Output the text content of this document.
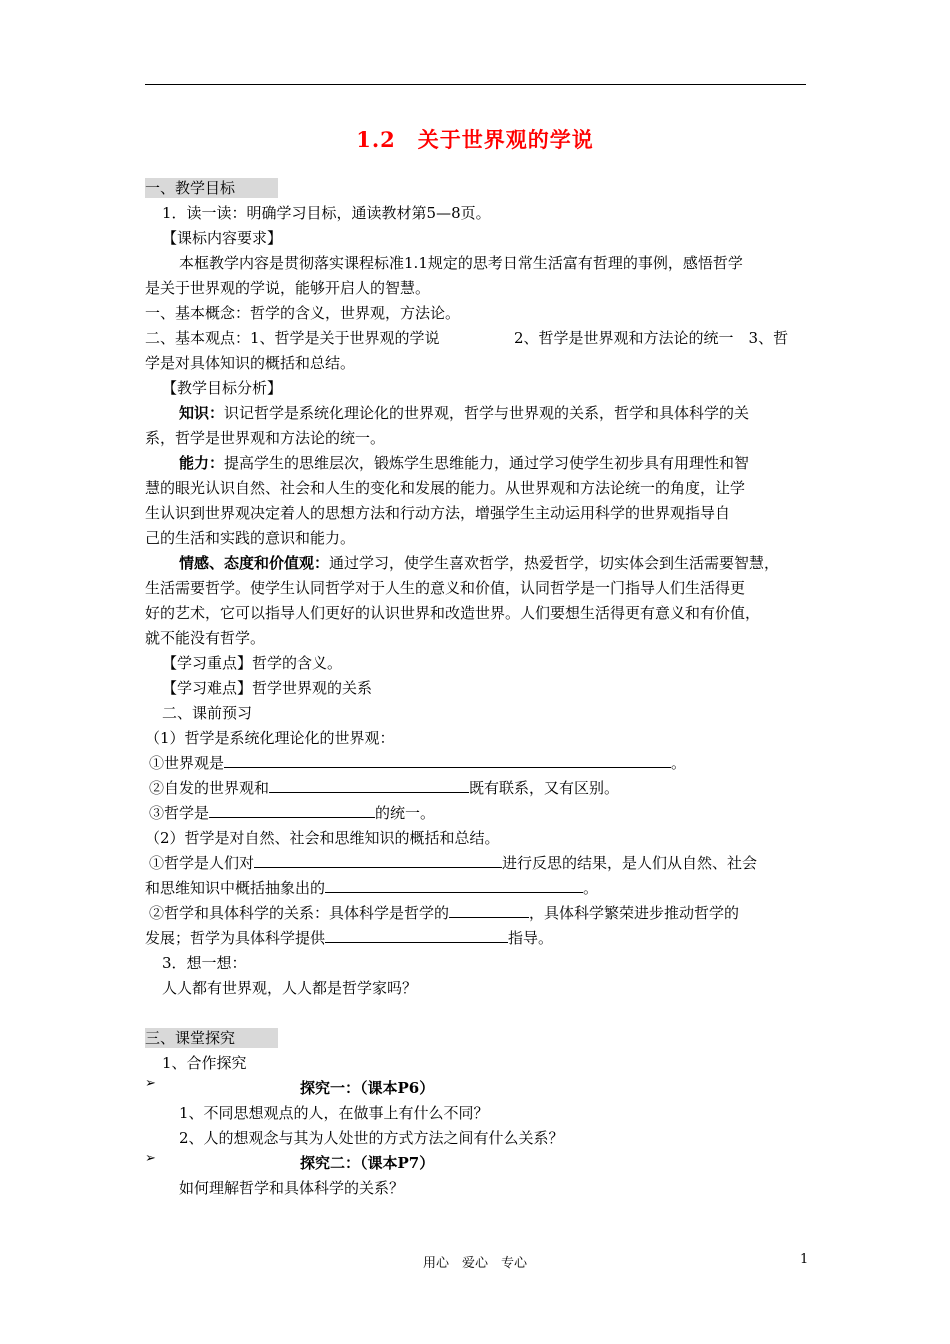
1.2　关于世界观的学说
一、教学目标
1．读一读：明确学习目标，通读教材第5—8页。
【课标内容要求】
本框教学内容是贯彻落实课程标准1.1规定的思考日常生活富有哲理的事例，感悟哲学
是关于世界观的学说，能够开启人的智慧。
一、基本概念：哲学的含义，世界观，方法论。
二、基本观点：1、哲学是关于世界观的学说	2、哲学是世界观和方法论的统一　3、哲
学是对具体知识的概括和总结。
【教学目标分析】
知识：识记哲学是系统化理论化的世界观，哲学与世界观的关系，哲学和具体科学的关
系，哲学是世界观和方法论的统一。
能力：提高学生的思维层次，锻炼学生思维能力，通过学习使学生初步具有用理性和智
慧的眼光认识自然、社会和人生的变化和发展的能力。从世界观和方法论统一的角度，让学
生认识到世界观决定着人的思想方法和行动方法，增强学生主动运用科学的世界观指导自
己的生活和实践的意识和能力。
情感、态度和价值观：通过学习，使学生喜欢哲学，热爱哲学，切实体会到生活需要智慧，
生活需要哲学。使学生认同哲学对于人生的意义和价值，认同哲学是一门指导人们生活得更
好的艺术，它可以指导人们更好的认识世界和改造世界。人们要想生活得更有意义和有价值，
就不能没有哲学。
【学习重点】哲学的含义。
【学习难点】哲学世界观的关系
二、课前预习
（1）哲学是系统化理论化的世界观：
①世界观是	。
②自发的世界观和	既有联系，又有区别。
③哲学是	的统一。
（2）哲学是对自然、社会和思维知识的概括和总结。
①哲学是人们对	进行反思的结果，是人们从自然、社会
和思维知识中概括抽象出的	。
②哲学和具体科学的关系：具体科学是哲学的	，具体科学繁荣进步推动哲学的
发展；哲学为具体科学提供	指导。
3．想一想：
人人都有世界观，人人都是哲学家吗？
三、课堂探究
1、合作探究
➢	探究一：（课本P6）
1、不同思想观点的人，在做事上有什么不同？
2、人的想观念与其为人处世的方式方法之间有什么关系？
➢	探究二：（课本P7）
如何理解哲学和具体科学的关系？
用心　爱心　专心	1
